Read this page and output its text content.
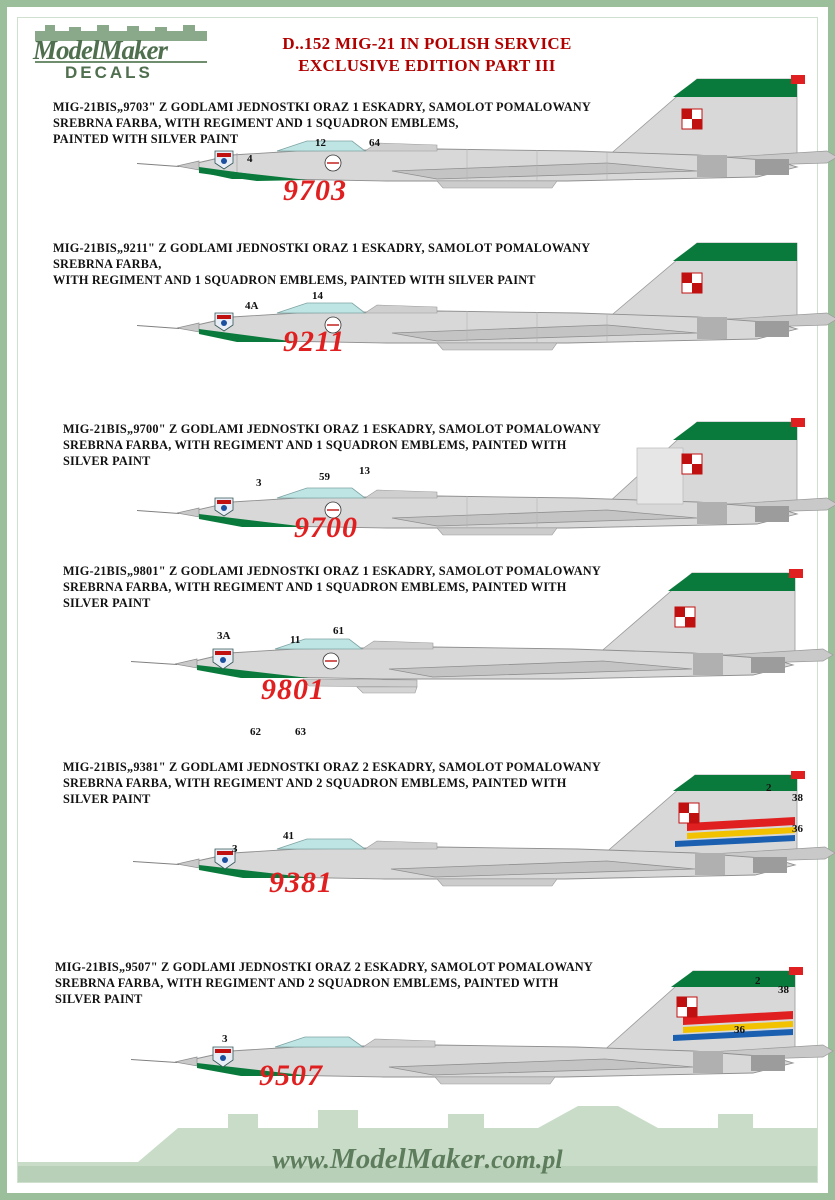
ModelMaker
DECALS
D..152 MIG-21 IN POLISH SERVICE
EXCLUSIVE EDITION PART III
MIG-21BIS„9703" Z GODLAMI JEDNOSTKI ORAZ 1 ESKADRY, SAMOLOT POMALOWANY
SREBRNA FARBA, WITH REGIMENT AND 1 SQUADRON EMBLEMS,
PAINTED WITH SILVER PAINT
9703
4
12	64
MIG-21BIS„9211" Z GODLAMI JEDNOSTKI ORAZ 1 ESKADRY, SAMOLOT POMALOWANY
SREBRNA FARBA,
WITH REGIMENT AND 1 SQUADRON EMBLEMS, PAINTED WITH SILVER PAINT
9211
4A
14
MIG-21BIS„9700" Z GODLAMI JEDNOSTKI ORAZ 1 ESKADRY, SAMOLOT POMALOWANY
SREBRNA FARBA, WITH REGIMENT AND 1 SQUADRON EMBLEMS, PAINTED WITH
SILVER PAINT
9700
3	59	13
MIG-21BIS„9801" Z GODLAMI JEDNOSTKI ORAZ 1 ESKADRY, SAMOLOT POMALOWANY
SREBRNA FARBA, WITH REGIMENT AND 1 SQUADRON EMBLEMS, PAINTED WITH
SILVER PAINT
9801
3A	11
61
62	63
MIG-21BIS„9381" Z GODLAMI JEDNOSTKI ORAZ 2 ESKADRY, SAMOLOT POMALOWANY
SREBRNA FARBA, WITH REGIMENT AND 2 SQUADRON EMBLEMS, PAINTED WITH
SILVER PAINT
9381
41
3
2
38
36
MIG-21BIS„9507" Z GODLAMI JEDNOSTKI ORAZ 2 ESKADRY, SAMOLOT POMALOWANY
SREBRNA FARBA, WITH REGIMENT AND 2 SQUADRON EMBLEMS, PAINTED WITH
SILVER PAINT
9507
3
2
38
36
www.ModelMaker.com.pl
